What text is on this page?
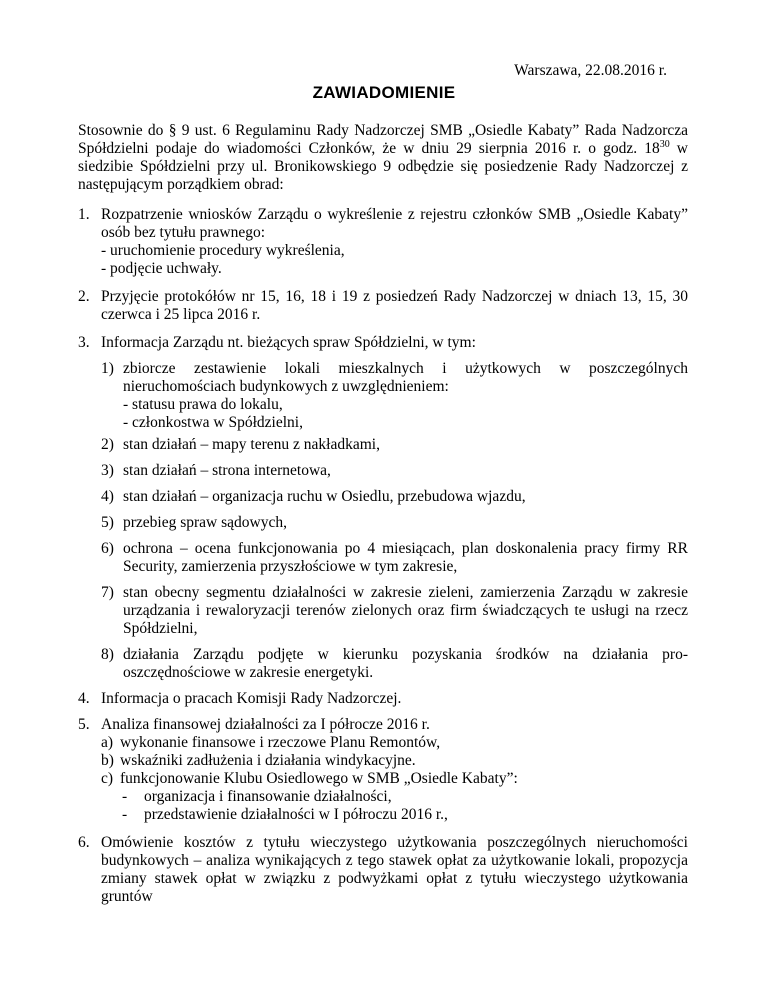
Warszawa, 22.08.2016 r.
ZAWIADOMIENIE
Stosownie do § 9 ust. 6 Regulaminu Rady Nadzorczej SMB „Osiedle Kabaty” Rada Nadzorcza Spółdzielni podaje do wiadomości Członków, że w dniu 29 sierpnia 2016 r. o godz. $18^{30}$ w siedzibie Spółdzielni przy ul. Bronikowskiego 9 odbędzie się posiedzenie Rady Nadzorczej z następującym porządkiem obrad:
1. Rozpatrzenie wniosków Zarządu o wykreślenie z rejestru członków SMB „Osiedle Kabaty” osób bez tytułu prawnego:
- uruchomienie procedury wykreślenia,
- podjęcie uchwały.
2. Przyjęcie protokółów nr 15, 16, 18 i 19 z posiedzeń Rady Nadzorczej w dniach 13, 15, 30 czerwca i 25 lipca 2016 r.
3. Informacja Zarządu nt. bieżących spraw Spółdzielni, w tym:
1) zbiorcze zestawienie lokali mieszkalnych i użytkowych w poszczególnych nieruchomościach budynkowych z uwzględnieniem:
- statusu prawa do lokalu,
- członkostwa w Spółdzielni,
2) stan działań – mapy terenu z nakładkami,
3) stan działań – strona internetowa,
4) stan działań – organizacja ruchu w Osiedlu, przebudowa wjazdu,
5) przebieg spraw sądowych,
6) ochrona – ocena funkcjonowania po 4 miesiącach, plan doskonalenia pracy firmy RR Security, zamierzenia przyszłościowe w tym zakresie,
7) stan obecny segmentu działalności w zakresie zieleni, zamierzenia Zarządu w zakresie urządzania i rewaloryzacji terenów zielonych oraz firm świadczących te usługi na rzecz Spółdzielni,
8) działania Zarządu podjęte w kierunku pozyskania środków na działania pro-oszczędnościowe w zakresie energetyki.
4. Informacja o pracach Komisji Rady Nadzorczej.
5. Analiza finansowej działalności za I półrocze 2016 r.
a) wykonanie finansowe i rzeczowe Planu Remontów,
b) wskaźniki zadłużenia i działania windykacyjne.
c) funkcjonowanie Klubu Osiedlowego w SMB „Osiedle Kabaty”:
- organizacja i finansowanie działalności,
- przedstawienie działalności w I półroczu 2016 r.,
6. Omówienie kosztów z tytułu wieczystego użytkowania poszczególnych nieruchomości budynkowych – analiza wynikających z tego stawek opłat za użytkowanie lokali, propozycja zmiany stawek opłat w związku z podwyżkami opłat z tytułu wieczystego użytkowania gruntów
